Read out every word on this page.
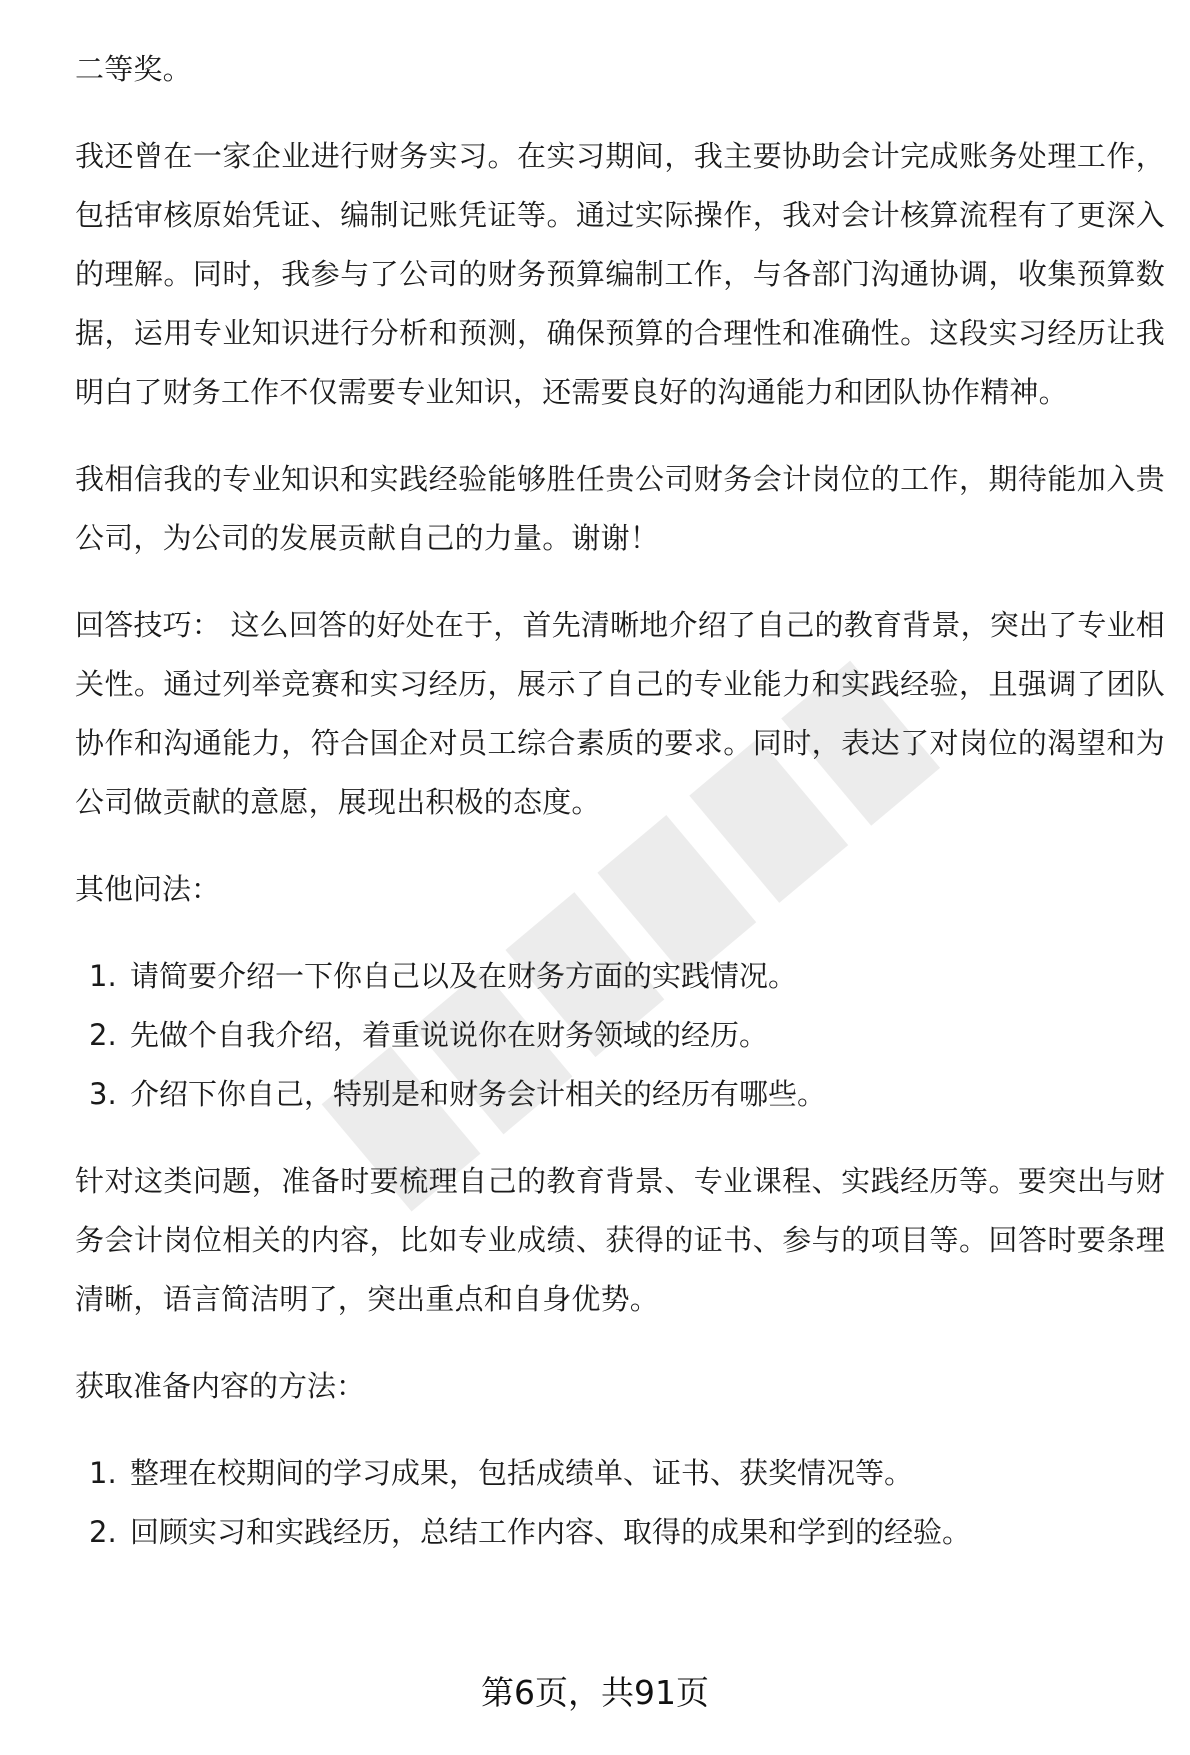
二等奖。

我还曾在一家企业进行财务实习。在实习期间，我主要协助会计完成账务处理工作，包括审核原始凭证、编制记账凭证等。通过实际操作，我对会计核算流程有了更深入的理解。同时，我参与了公司的财务预算编制工作，与各部门沟通协调，收集预算数据，运用专业知识进行分析和预测，确保预算的合理性和准确性。这段实习经历让我明白了财务工作不仅需要专业知识，还需要良好的沟通能力和团队协作精神。

我相信我的专业知识和实践经验能够胜任贵公司财务会计岗位的工作，期待能加入贵公司，为公司的发展贡献自己的力量。谢谢！

回答技巧： 这么回答的好处在于，首先清晰地介绍了自己的教育背景，突出了专业相关性。通过列举竞赛和实习经历，展示了自己的专业能力和实践经验，且强调了团队协作和沟通能力，符合国企对员工综合素质的要求。同时，表达了对岗位的渴望和为公司做贡献的意愿，展现出积极的态度。

其他问法：

1. 请简要介绍一下你自己以及在财务方面的实践情况。
2. 先做个自我介绍，着重说说你在财务领域的经历。
3. 介绍下你自己，特别是和财务会计相关的经历有哪些。

针对这类问题，准备时要梳理自己的教育背景、专业课程、实践经历等。要突出与财务会计岗位相关的内容，比如专业成绩、获得的证书、参与的项目等。回答时要条理清晰，语言简洁明了，突出重点和自身优势。

获取准备内容的方法：

1. 整理在校期间的学习成果，包括成绩单、证书、获奖情况等。
2. 回顾实习和实践经历，总结工作内容、取得的成果和学到的经验。
第6页，共91页
